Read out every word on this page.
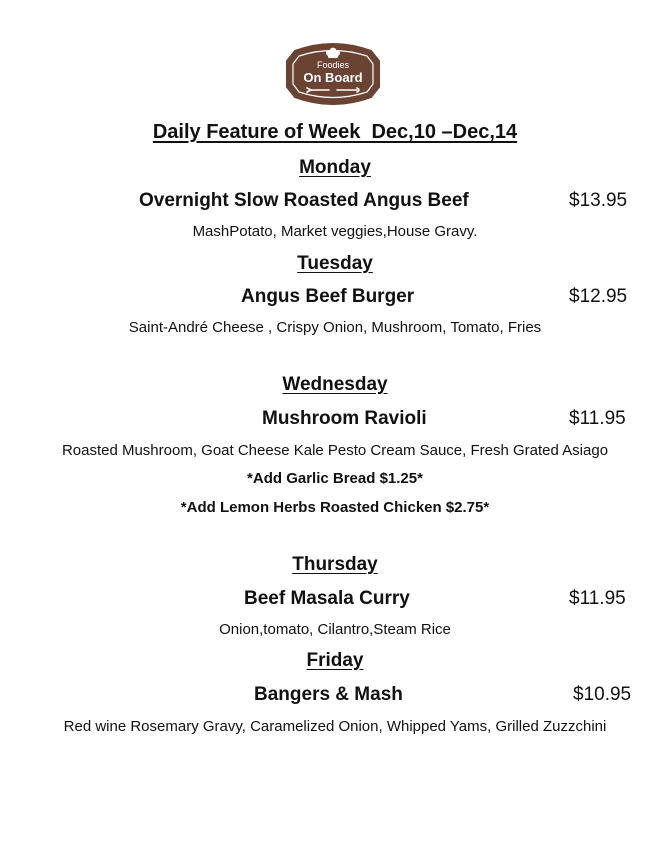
Foodies
On Board
Daily Feature of Week  Dec,10 –Dec,14
Monday
Overnight Slow Roasted Angus Beef	$13.95
MashPotato, Market veggies,House Gravy.
Tuesday
Angus Beef Burger	$12.95
Saint-André Cheese , Crispy Onion, Mushroom, Tomato, Fries
Wednesday
Mushroom Ravioli	$11.95
Roasted Mushroom, Goat Cheese Kale Pesto Cream Sauce, Fresh Grated Asiago
*Add Garlic Bread $1.25*
*Add Lemon Herbs Roasted Chicken $2.75*
Thursday
Beef Masala Curry	$11.95
Onion,tomato, Cilantro,Steam Rice
Friday
Bangers & Mash	$10.95
Red wine Rosemary Gravy, Caramelized Onion, Whipped Yams, Grilled Zuzzchini
